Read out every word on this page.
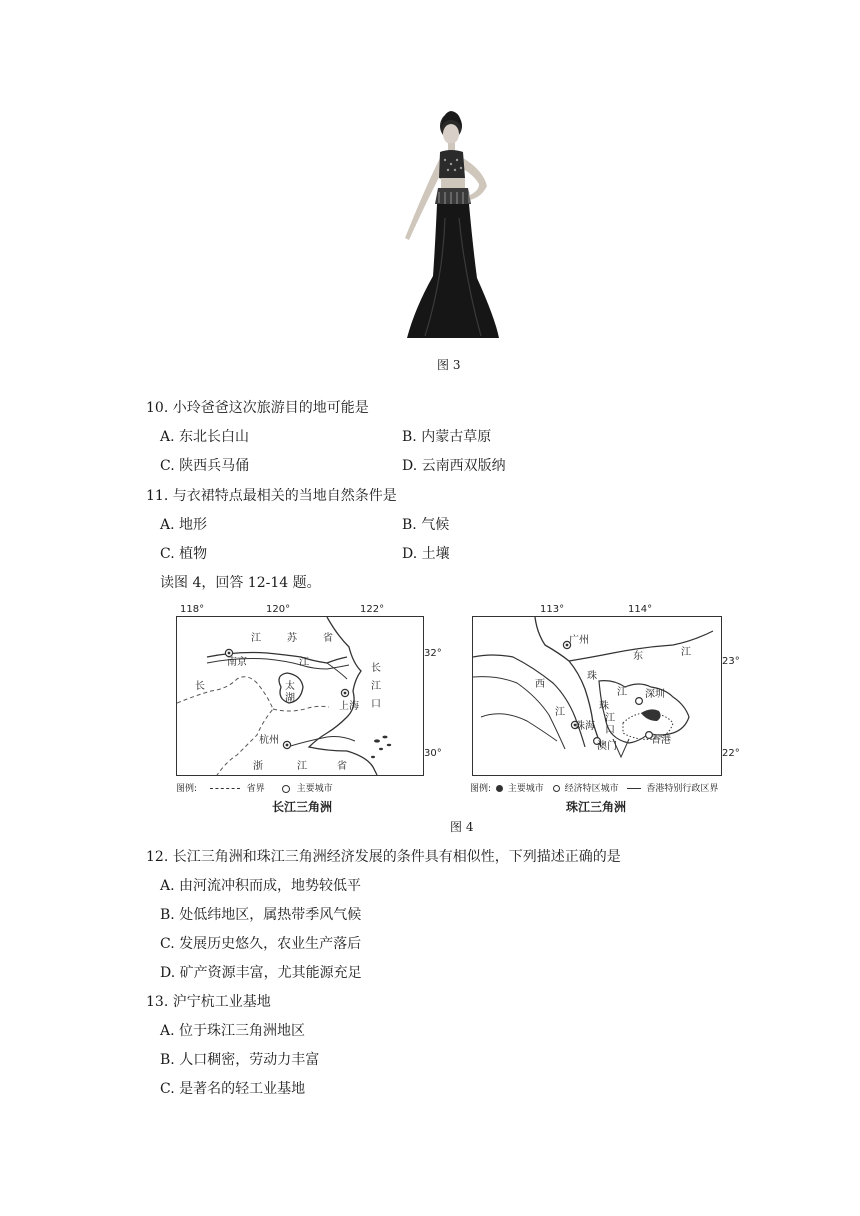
图 3
10. 小玲爸爸这次旅游目的地可能是
A. 东北长白山	B. 内蒙古草原
C. 陕西兵马俑	D. 云南西双版纳
11. 与衣裙特点最相关的当地自然条件是
A. 地形	B. 气候
C. 植物	D. 土壤
读图 4，回答 12-14 题。
118°	120°	122°
32°
30°
江	苏	省
南京	江
长
长
江
口
太
湖
上海
杭州
浙	江	省
图例:	省界	主要城市
长江三角洲
113°	114°
23°
22°
广州
东	江
西
珠
江 深圳
江
珠海
珠
江
口
澳门
香港
图例: 主要城市 经济特区城市	香港特别行政区界
珠江三角洲
图 4
12. 长江三角洲和珠江三角洲经济发展的条件具有相似性，下列描述正确的是
A. 由河流冲积而成，地势较低平
B. 处低纬地区，属热带季风气候
C. 发展历史悠久，农业生产落后
D. 矿产资源丰富，尤其能源充足
13. 沪宁杭工业基地
A. 位于珠江三角洲地区
B. 人口稠密，劳动力丰富
C. 是著名的轻工业基地
